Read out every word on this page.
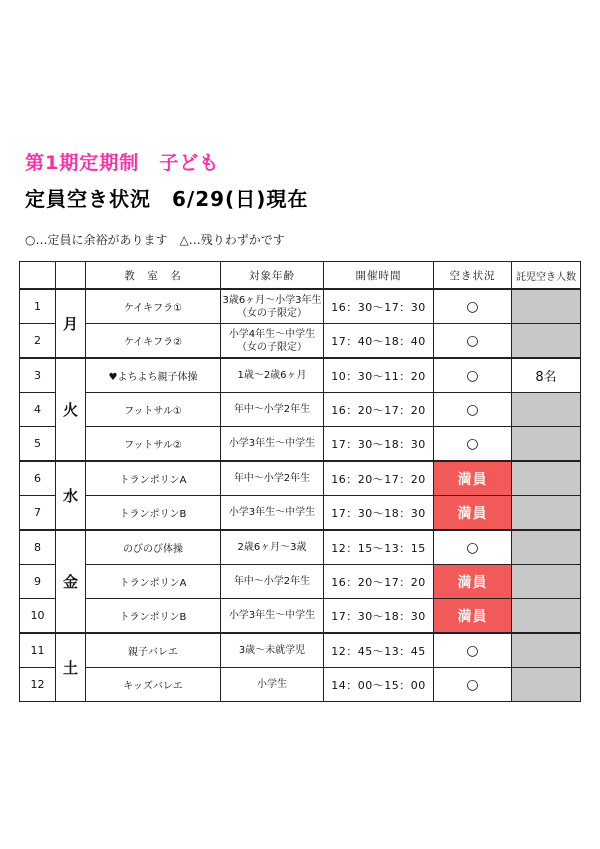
第1期定期制　子ども
定員空き状況　6/29(日)現在
○…定員に余裕があります　△…残りわずかです
		教　室　名	対象年齢	開催時間	空き状況	託児空き人数
1	月	ケイキフラ①	3歳6ヶ月～小学3年生
（女の子限定）	16：30～17：30	○	
2		ケイキフラ②	小学4年生～中学生
（女の子限定）	17：40～18：40	○	
3	火	♥よちよち親子体操	1歳～2歳6ヶ月	10：30～11：20	○	8名
4		フットサル①	年中～小学2年生	16：20～17：20	○	
5		フットサル②	小学3年生～中学生	17：30～18：30	○	
6	水	トランポリンA	年中～小学2年生	16：20～17：20	満員	
7		トランポリンB	小学3年生～中学生	17：30～18：30	満員	
8	金	のびのび体操	2歳6ヶ月～3歳	12：15～13：15	○	
9		トランポリンA	年中～小学2年生	16：20～17：20	満員	
10		トランポリンB	小学3年生～中学生	17：30～18：30	満員	
11	土	親子バレエ	3歳～未就学児	12：45～13：45	○	
12		キッズバレエ	小学生	14：00～15：00	○	
